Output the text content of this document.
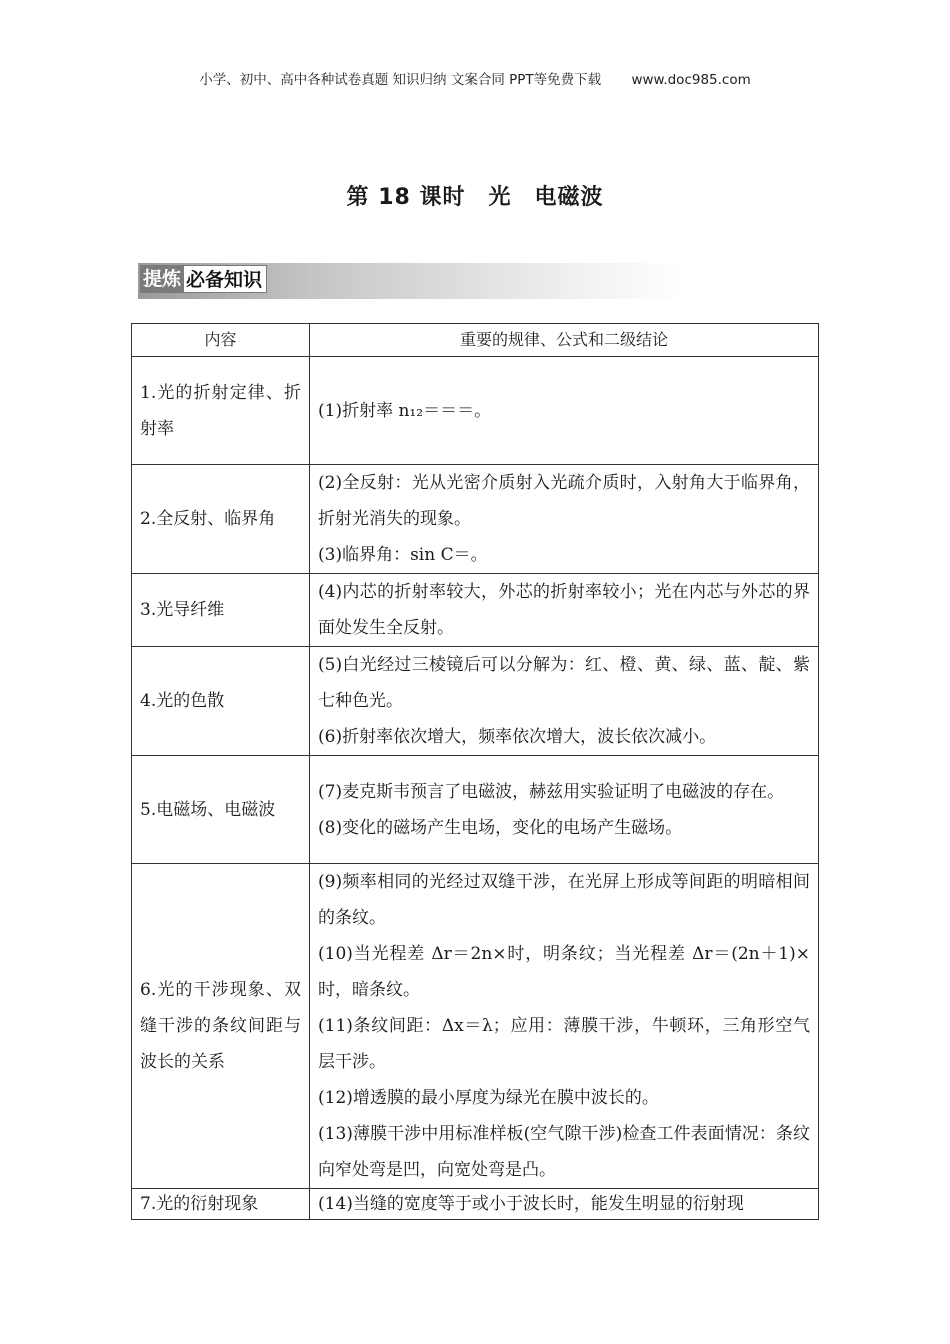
小学、初中、高中各种试卷真题 知识归纳 文案合同 PPT等免费下载 www.doc985.com
第 18 课时　光　电磁波
提炼 必备知识
内容	重要的规律、公式和二级结论
1.光的折射定律、折射率	(1)折射率 n₁₂＝＝＝。

2.全反射、临界角	(2)全反射：光从光密介质射入光疏介质时，入射角大于临界角，折射光消失的现象。
(3)临界角：sin C＝。

3.光导纤维	(4)内芯的折射率较大，外芯的折射率较小；光在内芯与外芯的界面处发生全反射。

4.光的色散	(5)白光经过三棱镜后可以分解为：红、橙、黄、绿、蓝、靛、紫七种色光。
(6)折射率依次增大，频率依次增大，波长依次减小。

5.电磁场、电磁波	(7)麦克斯韦预言了电磁波，赫兹用实验证明了电磁波的存在。
(8)变化的磁场产生电场，变化的电场产生磁场。

6.光的干涉现象、双缝干涉的条纹间距与波长的关系	(9)频率相同的光经过双缝干涉，在光屏上形成等间距的明暗相间的条纹。
(10)当光程差 Δr＝2n×时，明条纹；当光程差 Δr＝(2n＋1)×时，暗条纹。
(11)条纹间距：Δx＝λ；应用：薄膜干涉，牛顿环，三角形空气层干涉。
(12)增透膜的最小厚度为绿光在膜中波长的。
(13)薄膜干涉中用标准样板(空气隙干涉)检查工件表面情况：条纹向窄处弯是凹，向宽处弯是凸。

7.光的衍射现象	(14)当缝的宽度等于或小于波长时，能发生明显的衍射现
